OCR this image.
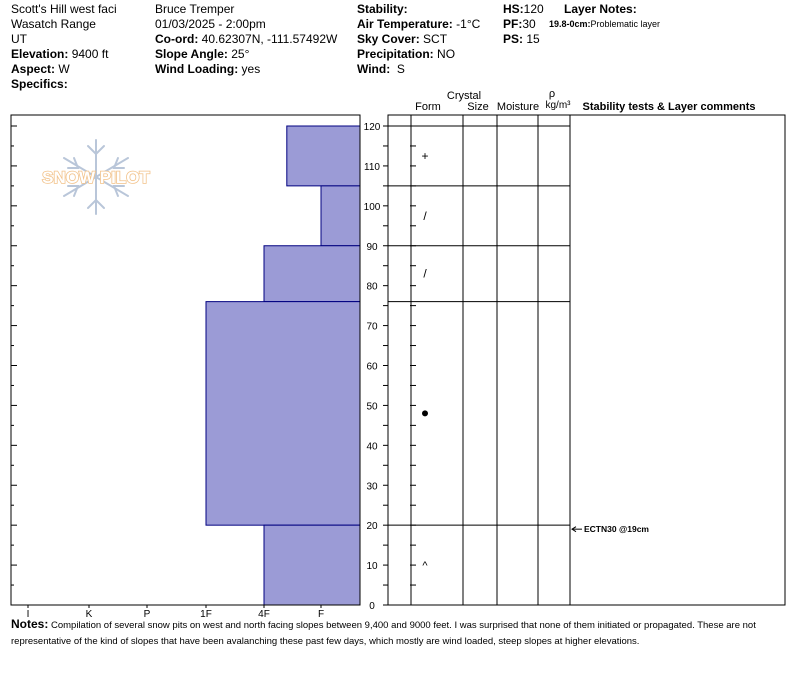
Scott's Hill west faci
Wasatch Range
UT
Elevation: 9400 ft
Aspect: W
Specifics:
Bruce Tremper
01/03/2025 - 2:00pm
Co-ord: 40.62307N, -111.57492W
Slope Angle: 25°
Wind Loading: yes
Stability:
Air Temperature: -1°C
Sky Cover: SCT
Precipitation: NO
Wind: S
HS:120
PF:30
PS: 15
Layer Notes:
19.8-0cm:Problematic layer
SNOW PILOT
Crystal
Form Size Moisture
ρ
kg/m³ Stability tests & Layer comments
I	K	P	1F	4F	F
0
10
20
30
40
50
60
70
80
90
100
110
120
+
/
/
^
ECTN30 @19cm
Notes: Compilation of several snow pits on west and north facing slopes between 9,400 and 9000 feet. I was surprised that none of them initiated or propagated. These are not representative of the kind of slopes that have been avalanching these past few days, which mostly are wind loaded, steep slopes at higher elevations.
